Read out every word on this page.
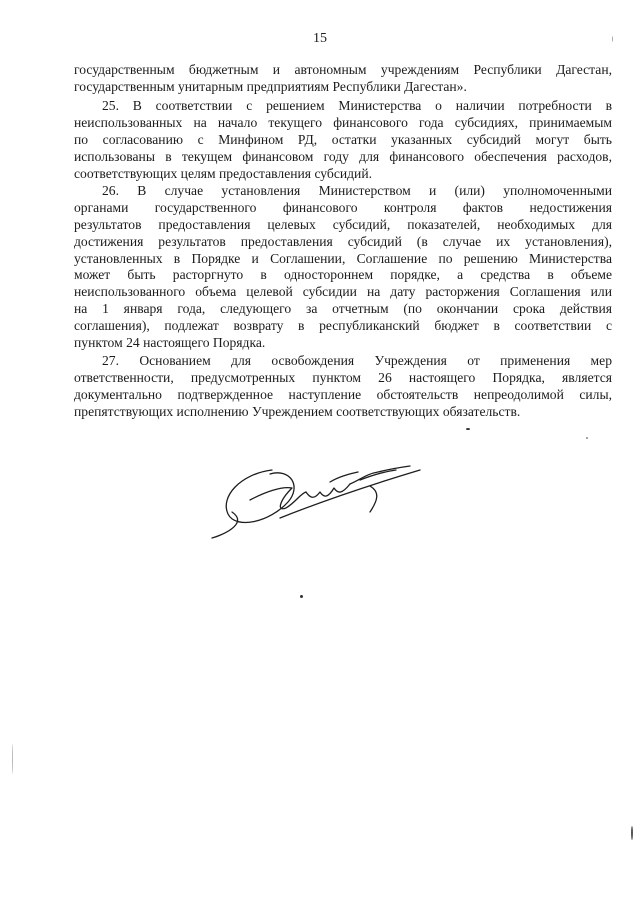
15
государственным бюджетным и автономным учреждениям Республики Дагестан,
государственным унитарным предприятиям Республики Дагестан».
25. В соответствии с решением Министерства о наличии потребности в
неиспользованных на начало текущего финансового года субсидиях, принимаемым
по согласованию с Минфином РД, остатки указанных субсидий могут быть
использованы в текущем финансовом году для финансового обеспечения расходов,
соответствующих целям предоставления субсидий.
26. В случае установления Министерством и (или) уполномоченными
органами государственного финансового контроля фактов недостижения
результатов предоставления целевых субсидий, показателей, необходимых для
достижения результатов предоставления субсидий (в случае их установления),
установленных в Порядке и Соглашении, Соглашение по решению Министерства
может быть расторгнуто в одностороннем порядке, а средства в объеме
неиспользованного объема целевой субсидии на дату расторжения Соглашения или
на 1 января года, следующего за отчетным (по окончании срока действия
соглашения), подлежат возврату в республиканский бюджет в соответствии с
пунктом 24 настоящего Порядка.
27. Основанием для освобождения Учреждения от применения мер
ответственности, предусмотренных пунктом 26 настоящего Порядка, является
документально подтвержденное наступление обстоятельств непреодолимой силы,
препятствующих исполнению Учреждением соответствующих обязательств.
